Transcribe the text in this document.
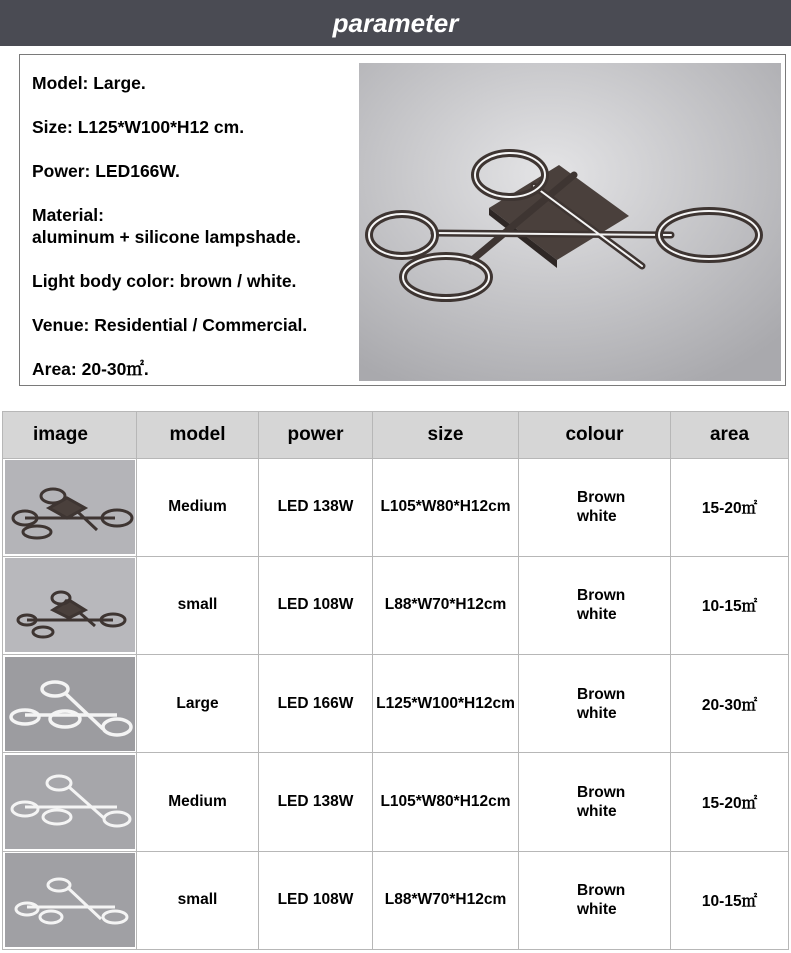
parameter
Model: Large.
Size: L125*W100*H12 cm.
Power: LED166W.
Material:
aluminum + silicone lampshade.
Light body color: brown / white.
Venue: Residential / Commercial.
Area: 20-30㎡.
image	model	power	size	colour	area

	Medium	LED 138W	L105*W80*H12cm	Brown
white	15-20㎡

	small	LED 108W	L88*W70*H12cm	Brown
white	10-15㎡

	Large	LED 166W	L125*W100*H12cm	Brown
white	20-30㎡

	Medium	LED 138W	L105*W80*H12cm	Brown
white	15-20㎡

	small	LED 108W	L88*W70*H12cm	Brown
white	10-15㎡
